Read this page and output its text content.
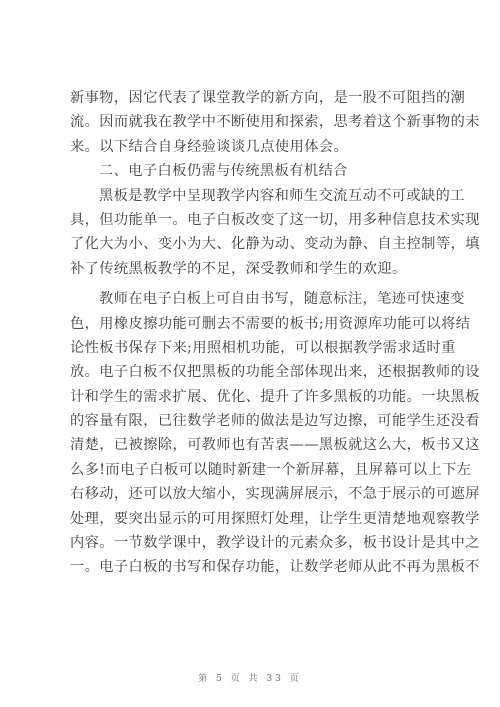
新事物，因它代表了课堂教学的新方向，是一股不可阻挡的潮
流。因而就我在教学中不断使用和探索，思考着这个新事物的未
来。以下结合自身经验谈谈几点使用体会。
二、电子白板仍需与传统黑板有机结合
黑板是教学中呈现教学内容和师生交流互动不可或缺的工
具，但功能单一。电子白板改变了这一切，用多种信息技术实现
了化大为小、变小为大、化静为动、变动为静、自主控制等，填
补了传统黑板教学的不足，深受教师和学生的欢迎。
教师在电子白板上可自由书写，随意标注，笔迹可快速变
色，用橡皮擦功能可删去不需要的板书;用资源库功能可以将结
论性板书保存下来;用照相机功能，可以根据教学需求适时重
放。电子白板不仅把黑板的功能全部体现出来，还根据教师的设
计和学生的需求扩展、优化、提升了许多黑板的功能。一块黑板
的容量有限，已往数学老师的做法是边写边擦，可能学生还没看
清楚，已被擦除，可教师也有苦衷——黑板就这么大，板书又这
么多!而电子白板可以随时新建一个新屏幕，且屏幕可以上下左
右移动，还可以放大缩小，实现满屏展示，不急于展示的可遮屏
处理，要突出显示的可用探照灯处理，让学生更清楚地观察教学
内容。一节数学课中，教学设计的元素众多，板书设计是其中之
一。电子白板的书写和保存功能，让数学老师从此不再为黑板不
第 5 页 共 33 页
